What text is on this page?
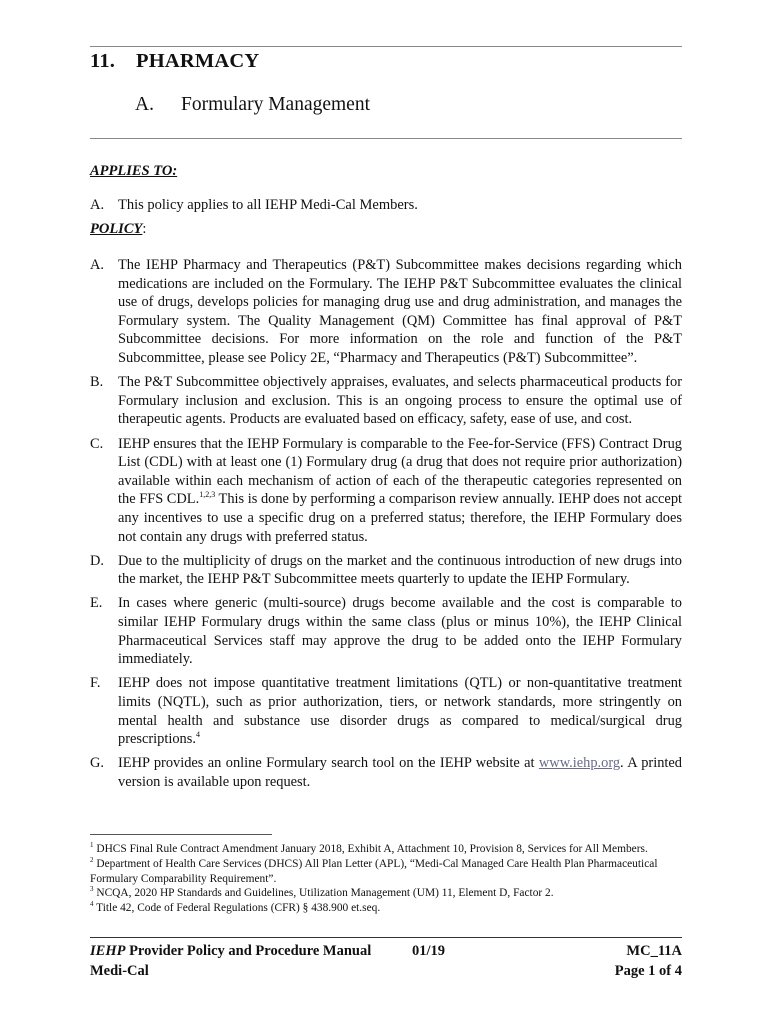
11. PHARMACY
A. Formulary Management
APPLIES TO:
A. This policy applies to all IEHP Medi-Cal Members.
POLICY:
A. The IEHP Pharmacy and Therapeutics (P&T) Subcommittee makes decisions regarding which medications are included on the Formulary. The IEHP P&T Subcommittee evaluates the clinical use of drugs, develops policies for managing drug use and drug administration, and manages the Formulary system. The Quality Management (QM) Committee has final approval of P&T Subcommittee decisions. For more information on the role and function of the P&T Subcommittee, please see Policy 2E, “Pharmacy and Therapeutics (P&T) Subcommittee”.
B.	The P&T Subcommittee objectively appraises, evaluates, and selects pharmaceutical products for Formulary inclusion and exclusion. This is an ongoing process to ensure the optimal use of therapeutic agents. Products are evaluated based on efficacy, safety, ease of use, and cost.
C.	IEHP ensures that the IEHP Formulary is comparable to the Fee-for-Service (FFS) Contract Drug List (CDL) with at least one (1) Formulary drug (a drug that does not require prior authorization) available within each mechanism of action of each of the therapeutic categories represented on the FFS CDL.$^{1,2,3}$ This is done by performing a comparison review annually. IEHP does not accept any incentives to use a specific drug on a preferred status; therefore, the IEHP Formulary does not contain any drugs with preferred status.
D. Due to the multiplicity of drugs on the market and the continuous introduction of new drugs into the market, the IEHP P&T Subcommittee meets quarterly to update the IEHP Formulary.
E.	In cases where generic (multi-source) drugs become available and the cost is comparable to similar IEHP Formulary drugs within the same class (plus or minus 10%), the IEHP Clinical Pharmaceutical Services staff may approve the drug to be added onto the IEHP Formulary immediately.
F.	IEHP does not impose quantitative treatment limitations (QTL) or non-quantitative treatment limits (NQTL), such as prior authorization, tiers, or network standards, more stringently on mental health and substance use disorder drugs as compared to medical/surgical drug prescriptions.$^4$
G. IEHP provides an online Formulary search tool on the IEHP website at www.iehp.org. A printed version is available upon request.
$^1$ DHCS Final Rule Contract Amendment January 2018, Exhibit A, Attachment 10, Provision 8, Services for All Members.
$^2$ Department of Health Care Services (DHCS) All Plan Letter (APL), “Medi-Cal Managed Care Health Plan Pharmaceutical Formulary Comparability Requirement”.
$^3$ NCQA, 2020 HP Standards and Guidelines, Utilization Management (UM) 11, Element D, Factor 2.
$^4$ Title 42, Code of Federal Regulations (CFR) § 438.900 et.seq.
IEHP Provider Policy and Procedure Manual	01/19	MC_11A
Medi-Cal	Page 1 of 4
